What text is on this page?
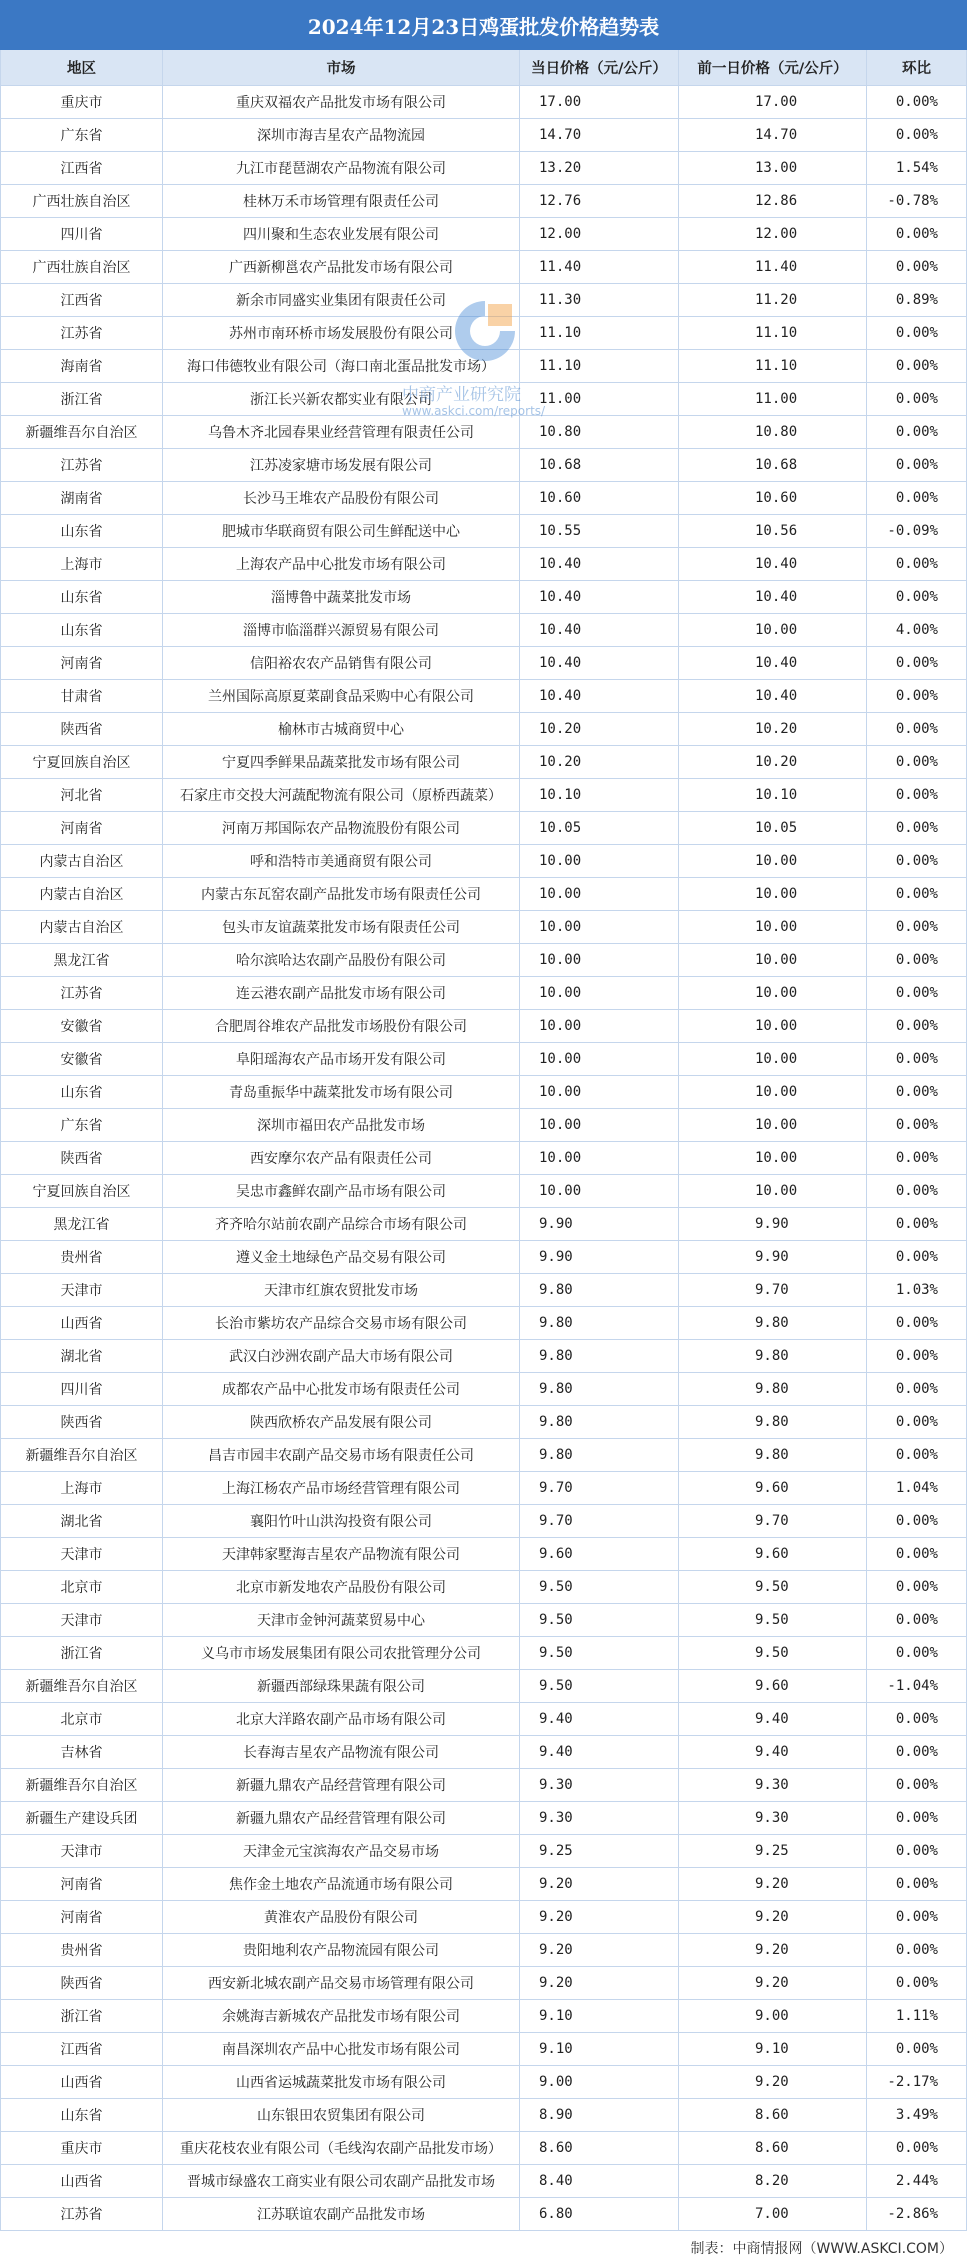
2024年12月23日鸡蛋批发价格趋势表
地区	市场	当日价格（元/公斤）	前一日价格（元/公斤）	环比
重庆市	重庆双福农产品批发市场有限公司	17.00	17.00	0.00%
广东省	深圳市海吉星农产品物流园	14.70	14.70	0.00%
江西省	九江市琵琶湖农产品物流有限公司	13.20	13.00	1.54%
广西壮族自治区	桂林万禾市场管理有限责任公司	12.76	12.86	-0.78%
四川省	四川聚和生态农业发展有限公司	12.00	12.00	0.00%
广西壮族自治区	广西新柳邕农产品批发市场有限公司	11.40	11.40	0.00%
江西省	新余市同盛实业集团有限责任公司	11.30	11.20	0.89%
江苏省	苏州市南环桥市场发展股份有限公司	11.10	11.10	0.00%
海南省	海口伟德牧业有限公司（海口南北蛋品批发市场）	11.10	11.10	0.00%
浙江省	浙江长兴新农都实业有限公司	11.00	11.00	0.00%
新疆维吾尔自治区	乌鲁木齐北园春果业经营管理有限责任公司	10.80	10.80	0.00%
江苏省	江苏凌家塘市场发展有限公司	10.68	10.68	0.00%
湖南省	长沙马王堆农产品股份有限公司	10.60	10.60	0.00%
山东省	肥城市华联商贸有限公司生鲜配送中心	10.55	10.56	-0.09%
上海市	上海农产品中心批发市场有限公司	10.40	10.40	0.00%
山东省	淄博鲁中蔬菜批发市场	10.40	10.40	0.00%
山东省	淄博市临淄群兴源贸易有限公司	10.40	10.00	4.00%
河南省	信阳裕农农产品销售有限公司	10.40	10.40	0.00%
甘肃省	兰州国际高原夏菜副食品采购中心有限公司	10.40	10.40	0.00%
陕西省	榆林市古城商贸中心	10.20	10.20	0.00%
宁夏回族自治区	宁夏四季鲜果品蔬菜批发市场有限公司	10.20	10.20	0.00%
河北省	石家庄市交投大河蔬配物流有限公司（原桥西蔬菜）	10.10	10.10	0.00%
河南省	河南万邦国际农产品物流股份有限公司	10.05	10.05	0.00%
内蒙古自治区	呼和浩特市美通商贸有限公司	10.00	10.00	0.00%
内蒙古自治区	内蒙古东瓦窑农副产品批发市场有限责任公司	10.00	10.00	0.00%
内蒙古自治区	包头市友谊蔬菜批发市场有限责任公司	10.00	10.00	0.00%
黑龙江省	哈尔滨哈达农副产品股份有限公司	10.00	10.00	0.00%
江苏省	连云港农副产品批发市场有限公司	10.00	10.00	0.00%
安徽省	合肥周谷堆农产品批发市场股份有限公司	10.00	10.00	0.00%
安徽省	阜阳瑶海农产品市场开发有限公司	10.00	10.00	0.00%
山东省	青岛重振华中蔬菜批发市场有限公司	10.00	10.00	0.00%
广东省	深圳市福田农产品批发市场	10.00	10.00	0.00%
陕西省	西安摩尔农产品有限责任公司	10.00	10.00	0.00%
宁夏回族自治区	吴忠市鑫鲜农副产品市场有限公司	10.00	10.00	0.00%
黑龙江省	齐齐哈尔站前农副产品综合市场有限公司	9.90	9.90	0.00%
贵州省	遵义金土地绿色产品交易有限公司	9.90	9.90	0.00%
天津市	天津市红旗农贸批发市场	9.80	9.70	1.03%
山西省	长治市紫坊农产品综合交易市场有限公司	9.80	9.80	0.00%
湖北省	武汉白沙洲农副产品大市场有限公司	9.80	9.80	0.00%
四川省	成都农产品中心批发市场有限责任公司	9.80	9.80	0.00%
陕西省	陕西欣桥农产品发展有限公司	9.80	9.80	0.00%
新疆维吾尔自治区	昌吉市园丰农副产品交易市场有限责任公司	9.80	9.80	0.00%
上海市	上海江杨农产品市场经营管理有限公司	9.70	9.60	1.04%
湖北省	襄阳竹叶山洪沟投资有限公司	9.70	9.70	0.00%
天津市	天津韩家墅海吉星农产品物流有限公司	9.60	9.60	0.00%
北京市	北京市新发地农产品股份有限公司	9.50	9.50	0.00%
天津市	天津市金钟河蔬菜贸易中心	9.50	9.50	0.00%
浙江省	义乌市市场发展集团有限公司农批管理分公司	9.50	9.50	0.00%
新疆维吾尔自治区	新疆西部绿珠果蔬有限公司	9.50	9.60	-1.04%
北京市	北京大洋路农副产品市场有限公司	9.40	9.40	0.00%
吉林省	长春海吉星农产品物流有限公司	9.40	9.40	0.00%
新疆维吾尔自治区	新疆九鼎农产品经营管理有限公司	9.30	9.30	0.00%
新疆生产建设兵团	新疆九鼎农产品经营管理有限公司	9.30	9.30	0.00%
天津市	天津金元宝滨海农产品交易市场	9.25	9.25	0.00%
河南省	焦作金土地农产品流通市场有限公司	9.20	9.20	0.00%
河南省	黄淮农产品股份有限公司	9.20	9.20	0.00%
贵州省	贵阳地利农产品物流园有限公司	9.20	9.20	0.00%
陕西省	西安新北城农副产品交易市场管理有限公司	9.20	9.20	0.00%
浙江省	余姚海吉新城农产品批发市场有限公司	9.10	9.00	1.11%
江西省	南昌深圳农产品中心批发市场有限公司	9.10	9.10	0.00%
山西省	山西省运城蔬菜批发市场有限公司	9.00	9.20	-2.17%
山东省	山东银田农贸集团有限公司	8.90	8.60	3.49%
重庆市	重庆花枝农业有限公司（毛线沟农副产品批发市场）	8.60	8.60	0.00%
山西省	晋城市绿盛农工商实业有限公司农副产品批发市场	8.40	8.20	2.44%
江苏省	江苏联谊农副产品批发市场	6.80	7.00	-2.86%
制表：中商情报网（WWW.ASKCI.COM）
中商产业研究院
www.askci.com/reports/
